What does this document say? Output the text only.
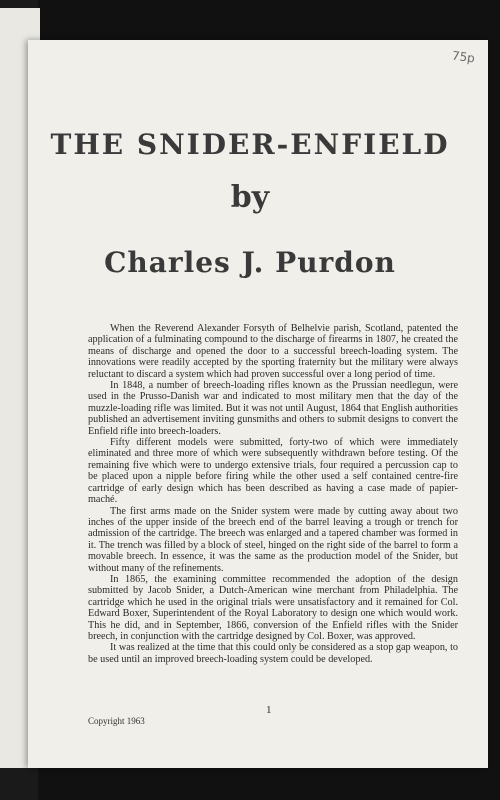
75p
THE SNIDER-ENFIELD
by
Charles J. Purdon

When the Reverend Alexander Forsyth of Belhelvie parish, Scotland, patented the application of a fulminating compound to the discharge of firearms in 1807, he created the means of discharge and opened the door to a successful breech-loading system. The innovations were readily accepted by the sporting fraternity but the military were always reluctant to discard a system which had proven successful over a long period of time.

In 1848, a number of breech-loading rifles known as the Prussian needlegun, were used in the Prusso-Danish war and indicated to most military men that the day of the muzzle-loading rifle was limited. But it was not until August, 1864 that English authorities published an advertisement inviting gunsmiths and others to submit designs to convert the Enfield rifle into breech-loaders.

Fifty different models were submitted, forty-two of which were immediately eliminated and three more of which were subsequently withdrawn before testing. Of the remaining five which were to undergo extensive trials, four required a percussion cap to be placed upon a nipple before firing while the other used a self contained centre-fire cartridge of early design which has been described as having a case made of papier-maché.

The first arms made on the Snider system were made by cutting away about two inches of the upper inside of the breech end of the barrel leaving a trough or trench for admission of the cartridge. The breech was enlarged and a tapered chamber was formed in it. The trench was filled by a block of steel, hinged on the right side of the barrel to form a movable breech. In essence, it was the same as the production model of the Snider, but without many of the refinements.

In 1865, the examining committee recommended the adoption of the design submitted by Jacob Snider, a Dutch-American wine merchant from Philadelphia. The cartridge which he used in the original trials were unsatisfactory and it remained for Col. Edward Boxer, Superintendent of the Royal Laboratory to design one which would work. This he did, and in September, 1866, conversion of the Enfield rifles with the Snider breech, in conjunction with the cartridge designed by Col. Boxer, was approved.

It was realized at the time that this could only be considered as a stop gap weapon, to be used until an improved breech-loading system could be developed.

1
Copyright 1963
